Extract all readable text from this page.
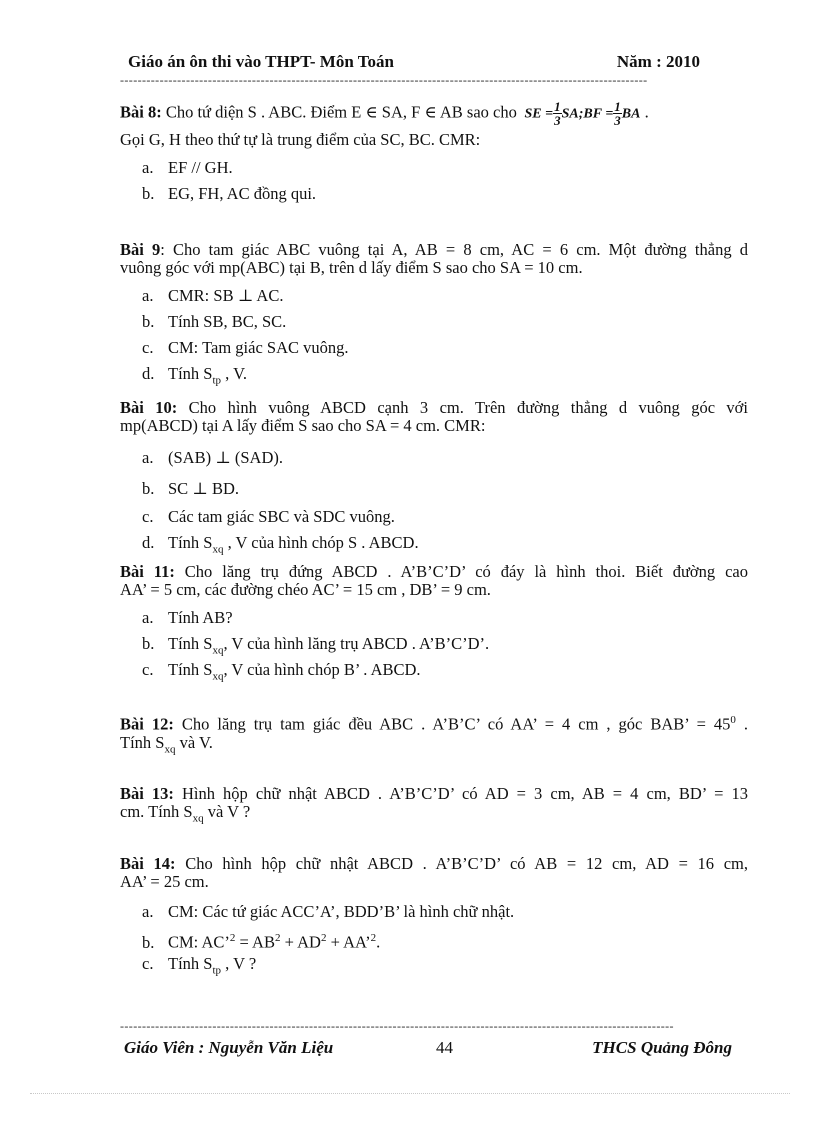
Giáo án ôn thi vào THPT- Môn Toán	Năm : 2010
------------------------------------------------------------------------------------------------------------------------
Bài 8: Cho tứ diện S . ABC. Điểm E ∈ SA, F ∈ AB sao cho SE = $\frac{1}{3}$ SA;BF = $\frac{1}{3}$ BA .
Gọi G, H theo thứ tự là trung điểm của SC, BC. CMR:
a. EF // GH.
b. EG, FH, AC đồng qui.
Bài 9: Cho tam giác ABC vuông tại A, AB = 8 cm, AC = 6 cm. Một đường thẳng d
vuông góc với mp(ABC) tại B, trên d lấy điểm S sao cho SA = 10 cm.
a. CMR: SB ⊥ AC.
b. Tính SB, BC, SC.
c. CM: Tam giác SAC vuông.
d. Tính $S_{tp}$ , V.
Bài 10: Cho hình vuông ABCD cạnh 3 cm. Trên đường thẳng d vuông góc với
mp(ABCD) tại A lấy điểm S sao cho SA = 4 cm. CMR:
a. (SAB) ⊥ (SAD).
b. SC ⊥ BD.
c. Các tam giác SBC và SDC vuông.
d. Tính $S_{xq}$ , V của hình chóp S . ABCD.
Bài 11: Cho lăng trụ đứng ABCD . A’B’C’D’ có đáy là hình thoi. Biết đường cao
AA’ = 5 cm, các đường chéo AC’ = 15 cm , DB’ = 9 cm.
a. Tính AB?
b. Tính $S_{xq}$, V của hình lăng trụ ABCD . A’B’C’D’.
c. Tính $S_{xq}$, V của hình chóp B’ . ABCD.
Bài 12: Cho lăng trụ tam giác đều ABC . A’B’C’ có AA’ = 4 cm , góc BAB’ = $45^0$ .
Tính $S_{xq}$ và V.
Bài 13: Hình hộp chữ nhật ABCD . A’B’C’D’ có AD = 3 cm, AB = 4 cm, BD’ = 13
cm. Tính $S_{xq}$ và V ?
Bài 14: Cho hình hộp chữ nhật ABCD . A’B’C’D’ có AB = 12 cm, AD = 16 cm,
AA’ = 25 cm.
a. CM: Các tứ giác ACC’A’, BDD’B’ là hình chữ nhật.
b. CM: AC’$^2$ = $AB^2 + AD^2$ + AA’$^2$.
c. Tính $S_{tp}$ , V ?
------------------------------------------------------------------------------------------------------------------------------
Giáo Viên : Nguyễn Văn Liệu	44	THCS Quảng Đông
